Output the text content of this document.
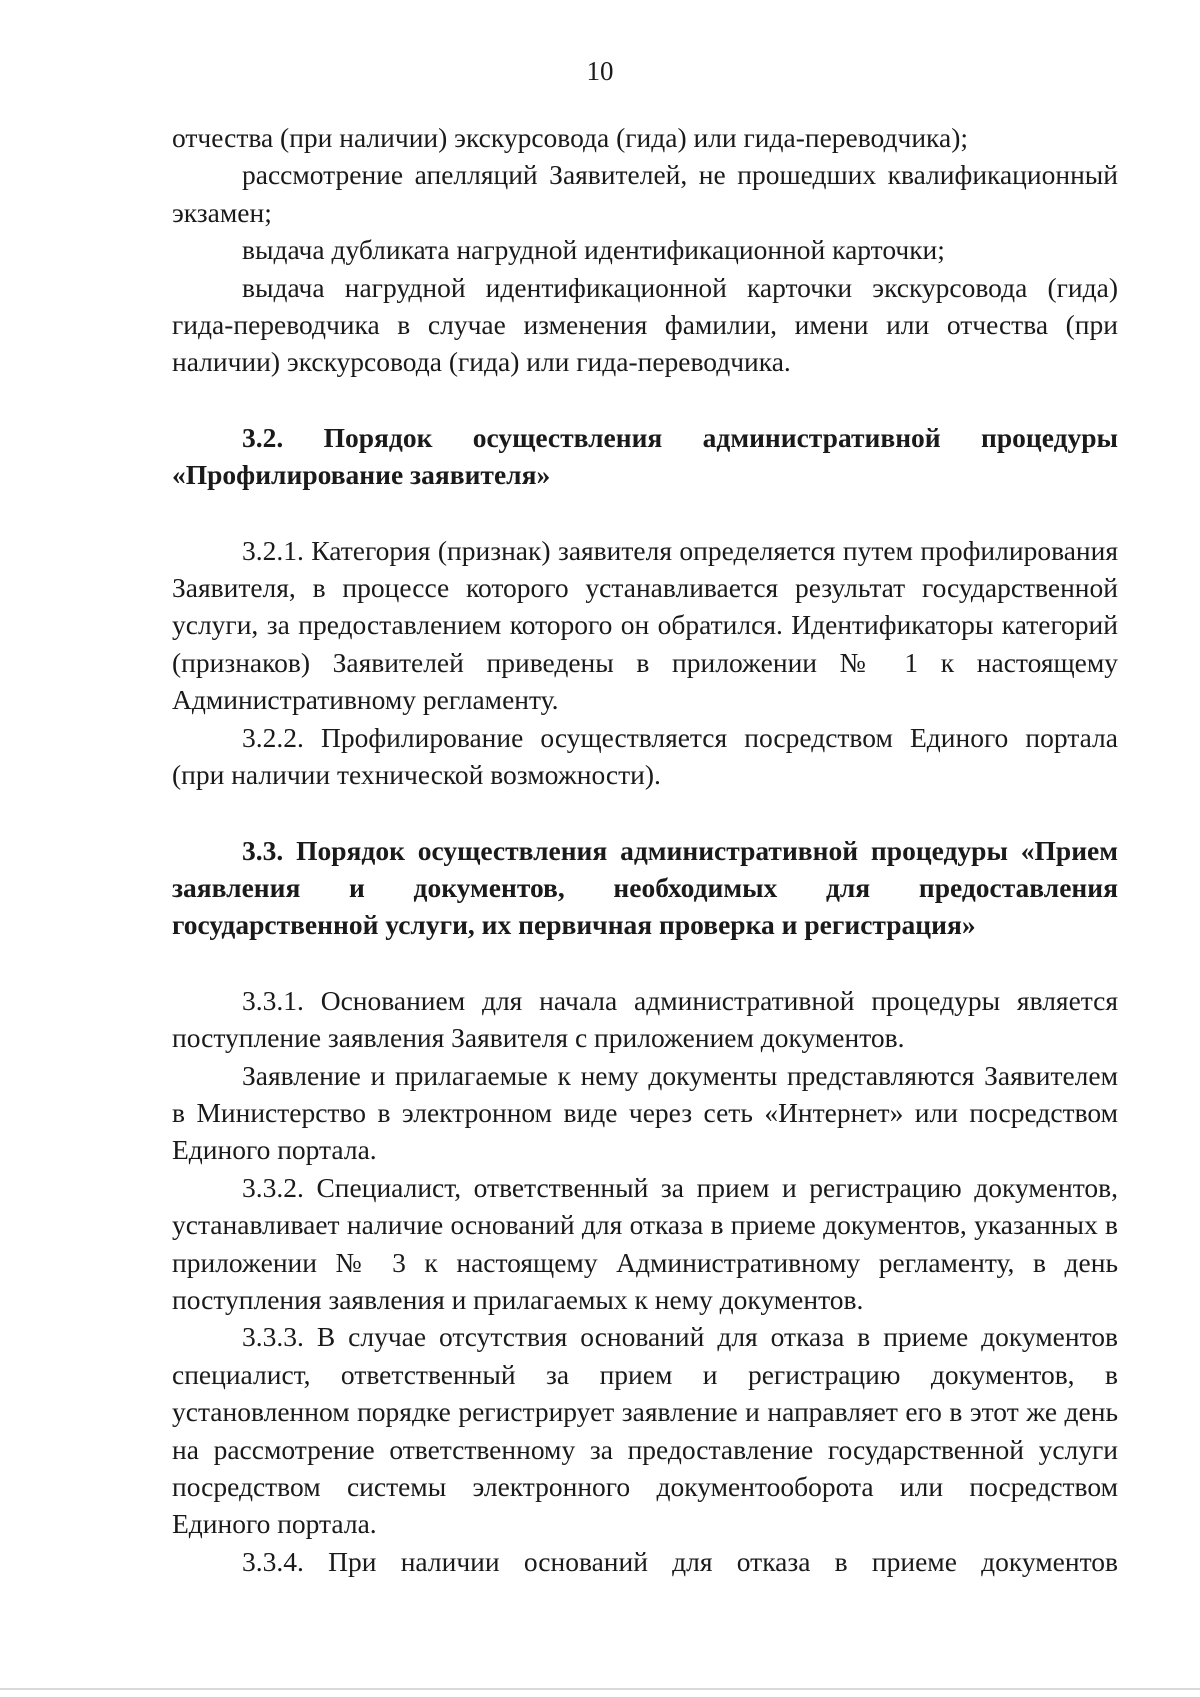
10

отчества (при наличии) экскурсовода (гида) или гида-переводчика);

рассмотрение апелляций Заявителей, не прошедших квалификационный экзамен;

выдача дубликата нагрудной идентификационной карточки;

выдача нагрудной идентификационной карточки экскурсовода (гида) гида-переводчика в случае изменения фамилии, имени или отчества (при наличии) экскурсовода (гида) или гида-переводчика.

3.2. Порядок осуществления административной процедуры «Профилирование заявителя»

3.2.1. Категория (признак) заявителя определяется путем профилирования Заявителя, в процессе которого устанавливается результат государственной услуги, за предоставлением которого он обратился. Идентификаторы категорий (признаков) Заявителей приведены в приложении № 1 к настоящему Административному регламенту.

3.2.2. Профилирование осуществляется посредством Единого портала (при наличии технической возможности).

3.3. Порядок осуществления административной процедуры «Прием заявления и документов, необходимых для предоставления государственной услуги, их первичная проверка и регистрация»

3.3.1. Основанием для начала административной процедуры является поступление заявления Заявителя с приложением документов.

Заявление и прилагаемые к нему документы представляются Заявителем в Министерство в электронном виде через сеть «Интернет» или посредством Единого портала.

3.3.2. Специалист, ответственный за прием и регистрацию документов, устанавливает наличие оснований для отказа в приеме документов, указанных в приложении № 3 к настоящему Административному регламенту, в день поступления заявления и прилагаемых к нему документов.

3.3.3. В случае отсутствия оснований для отказа в приеме документов специалист, ответственный за прием и регистрацию документов, в установленном порядке регистрирует заявление и направляет его в этот же день на рассмотрение ответственному за предоставление государственной услуги посредством системы электронного документооборота или посредством Единого портала.

3.3.4. При наличии оснований для отказа в приеме документов
